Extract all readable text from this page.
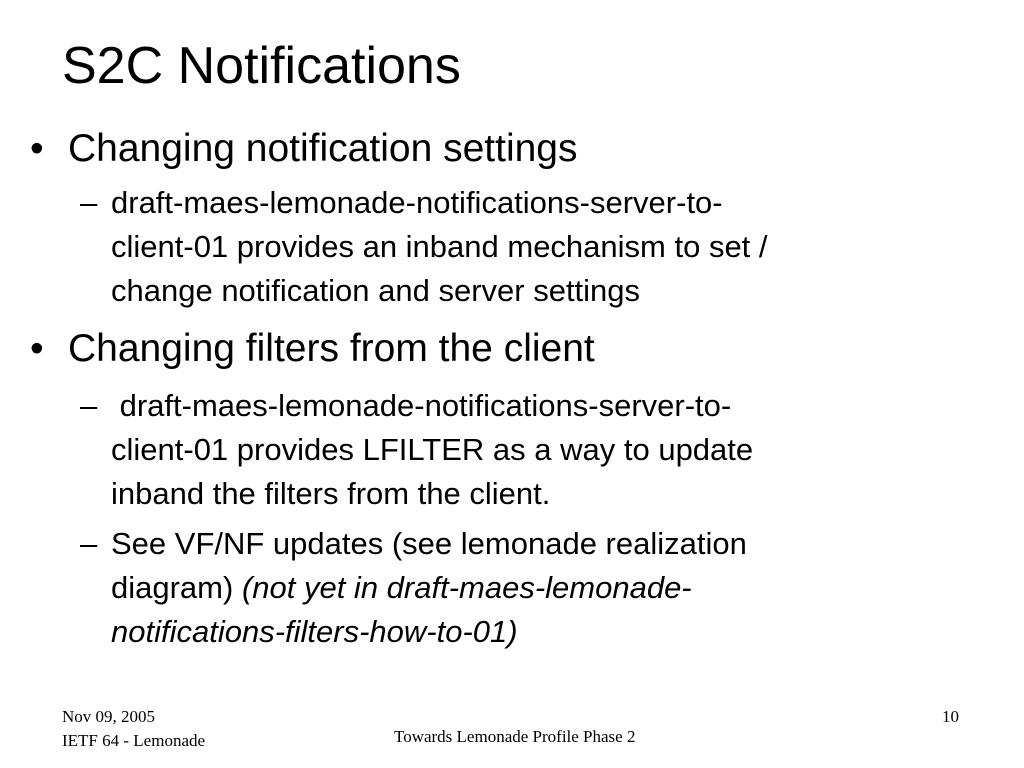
S2C Notifications
• Changing notification settings
– draft-maes-lemonade-notifications-server-to-
client-01 provides an inband mechanism to set /
change notification and server settings
• Changing filters from the client
– draft-maes-lemonade-notifications-server-to-
client-01 provides LFILTER as a way to update
inband the filters from the client.
– See VF/NF updates (see lemonade realization
diagram) (not yet in draft-maes-lemonade-
notifications-filters-how-to-01)
Nov 09, 2005
IETF 64 - Lemonade	Towards Lemonade Profile Phase 2
10
